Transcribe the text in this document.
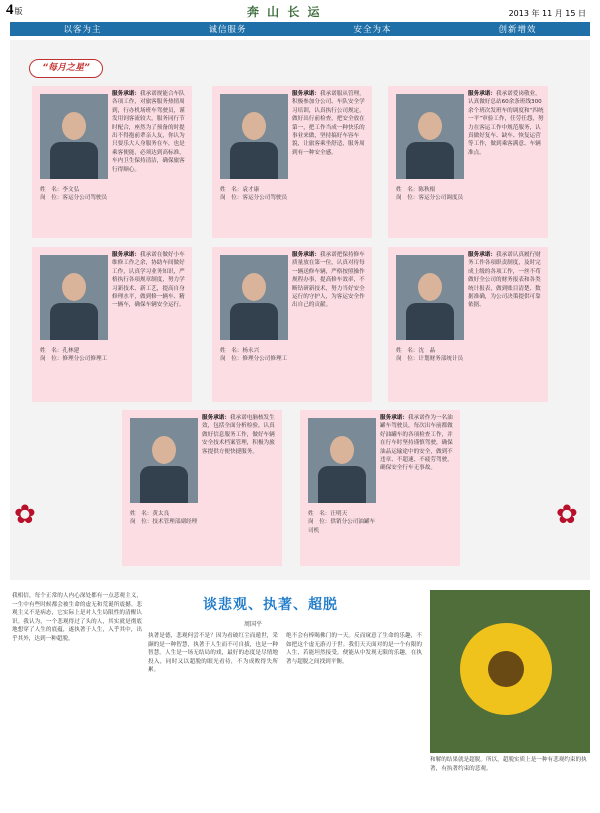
4版	奔 山 长 运	2013 年 11 月 15 日
以客为主	诚信服务	安全为本	创新增效
“每月之星”
✿	✿
服务承诺：我承诺规能合车队各项工作，对旅客服务热情周到，行办机场班车驾驶员，谨发用饲客流较大，服务同行节时配合，座然为了预备的时提出不得抱前辈亲人友，你认为只要乐大人身服务在车，也是乘客便能，必须达到高标准，车内卫生保持清洁，确保旅客行得顺心。
姓　名：李文弘
岗　位：客运分公司驾驶员
服务承诺：我承诺服从管理，积极参加分公司、车队安全学习培训，认真执行公司规定，做好出行前检查，把安全放在第一，把工作当成一种快乐的事业来做，坚持搞好车容车貌，让旅客乘坐舒适，服务周到有一种安全感。
姓　名：袁才康
岗　位：客运分公司驾驶员
服务承诺：我承诺爱岗敬业，认真做好总站60余条班线300余个班次发班车的调度和“四统一平”审验工作，任劳任怨，努力在客运工作中规范服务，认真做好复车、缺车、恢复运营等工作，做到乘客满意、车辆准点。
姓　名：陈秋根
岗　位：客运分公司调度员
服务承诺：我承诺在做好小车维修工作之余，协助车间做好工作，认真学习业务知识，严格执行各项规章制度，努力学习新技术、新工艺，提高自身修理水平，做到修一辆车、精一辆车，确保车辆安全运行。
姓　名：孔林建
岗　位：修理分公司修理工
服务承诺：我承诺把保持修车质量放在第一位，认真对待每一辆送修车辆，严格按照操作规程办事，提高修车效率，不断钻研新技术，努力当好安全运行的守护人，为客运安全作出自己的贡献。
姓　名：杨永兴
岗　位：修理分公司修理工
服务承诺：我承诺认真履行财务工作各项职责制度，及时完成上级的各项工作，一丝不苟做好全公司的财务报表和各类统计报表，做到账目清楚、数据准确，为公司决策提供可靠依据。
姓　名：沈　晶
岗　位：计划财务部统计员
服务承诺：我承诺电脑核发生效，包括全面分析检验，认真做好信息服务工作，做好车辆安全技术档案管理，积极为旅客提供方便快捷服务。
姓　名：黄太良
岗　位：技术管理部副经理
服务承诺：我承诺作为一名油罐车驾驶员，每次出车前都做好油罐车的各项检查工作，并在行车时坚持谨慎驾驶，确保油品运输途中的安全，做到不违章、不超速、不疲劳驾驶，确保安全行车无事故。
姓　名：汪明天
岗　位：供销分公司油罐车司机
谈悲观、执著、超脱
周国平
我相信，每个正常的人内心深处都有一点悲观主义，一生中有些时候都会被生命的虚无和荒诞所震撼。悲观主义不是病态，它实际上是对人生局限性的清醒认识。我认为，一个悲观得过了头的人，其实就是彻底地想穿了人生的底蕴，遂执著于人生，入乎其中，出乎其外，达到一种超脱。	执著是德，悲观何尝不是？因为看破红尘而遁世，采撷的是一种智慧，执著于人生而不可自拔，也是一种智慧。人生是一场无结局的戏，最好的态度是尽情地投入，同时又以超脱的眼光看待，不为成败得失所累。
绝不会有棒喝佛门的一天。反而窥意了生命的乐趣，不如把这个虚无游刃于世。我们天天面对的是一个有限的人生，若能坦然接受，便能从中发现无限的乐趣，在执著与超脱之间找到平衡。
和解的结果就是超脱。所以，超脱实质上是一种有悲观约束的执著，有执著约束的悲观。
